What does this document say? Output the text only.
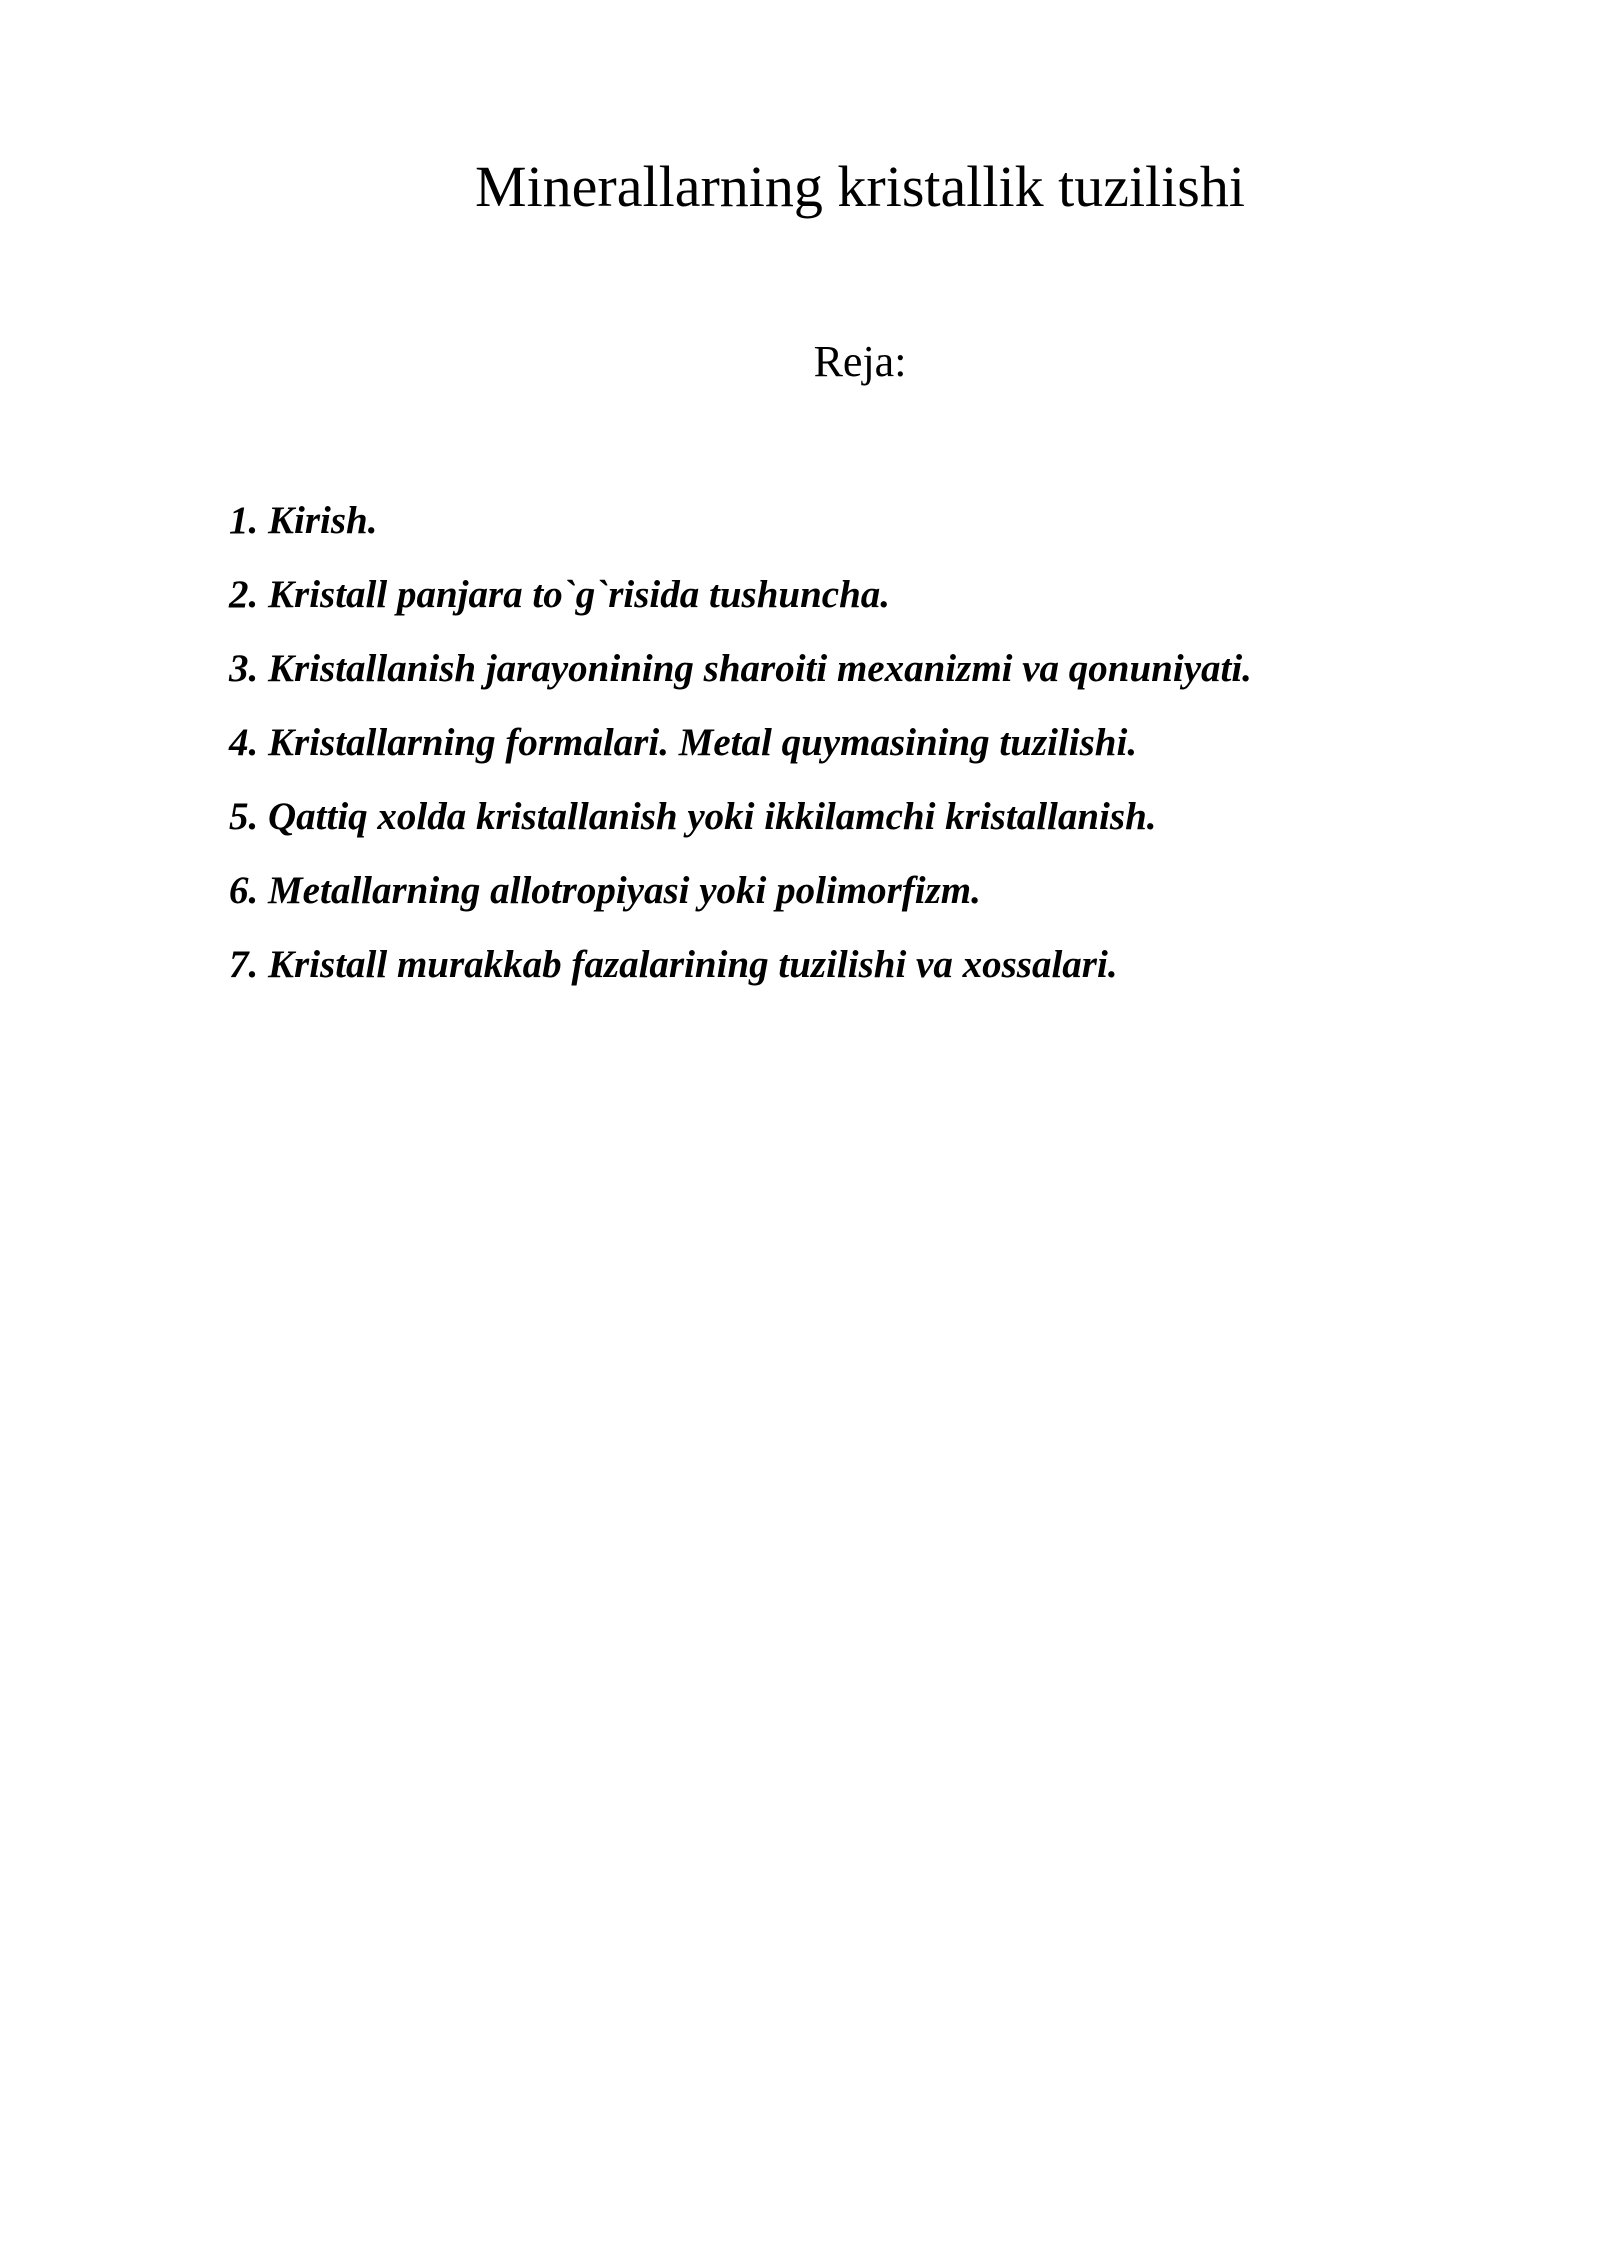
Minerallarning kristallik tuzilishi
Reja:
1. Kirish.
2. Kristall panjara to`g`risida tushuncha.
3. Kristallanish jarayonining sharoiti mexanizmi va qonuniyati.
4. Kristallarning formalari. Metal quymasining tuzilishi.
5. Qattiq xolda kristallanish yoki ikkilamchi kristallanish.
6. Metallarning allotropiyasi yoki polimorfizm.
7. Kristall murakkab fazalarining tuzilishi va xossalari.
